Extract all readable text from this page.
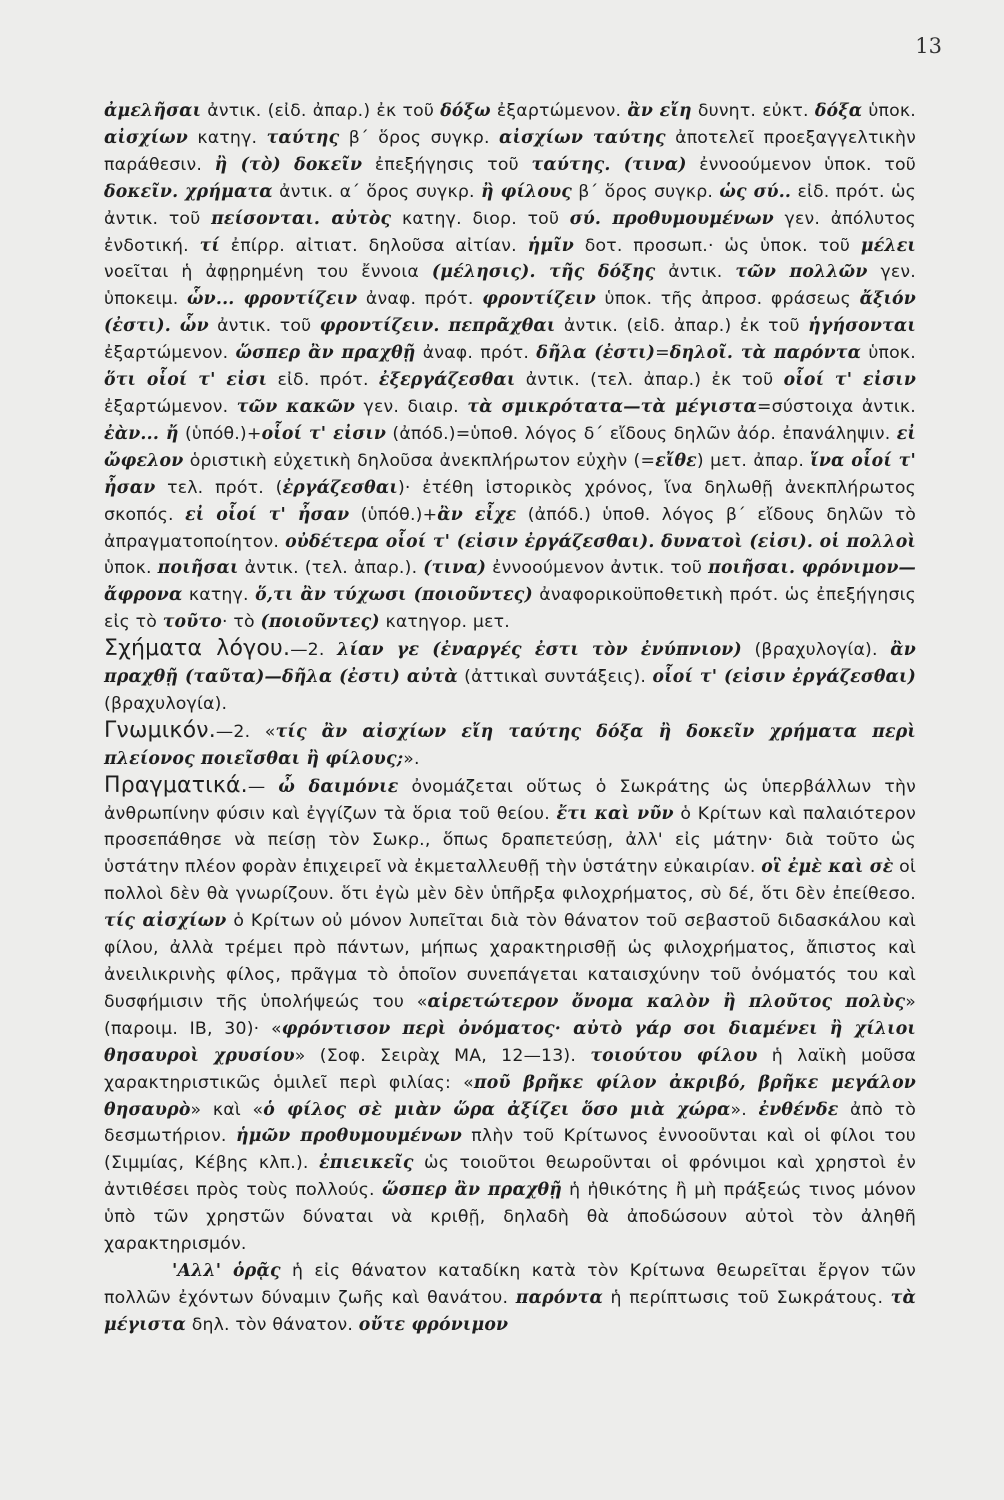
13

ἀμελῆσαι ἀντικ. (εἰδ. ἀπαρ.) ἐκ τοῦ δόξω ἐξαρτώμενον. ἂν εἴη δυνητ. εὐκτ. δόξα ὑποκ. αἰσχίων κατηγ. ταύτης β΄ ὅρος συγκρ. αἰσχίων ταύτης ἀποτελεῖ προεξαγγελτικὴν παράθεσιν. ἢ (τὸ) δοκεῖν ἐπεξήγησις τοῦ ταύτης. (τινα) ἐννοούμενον ὑποκ. τοῦ δοκεῖν. χρήματα ἀντικ. α΄ ὅρος συγκρ. ἢ φίλους β΄ ὅρος συγκρ. ὡς σύ.. εἰδ. πρότ. ὡς ἀντικ. τοῦ πείσονται. αὐτὸς κατηγ. διορ. τοῦ σύ. προθυμουμένων γεν. ἀπόλυτος ἐνδοτική. τί ἐπίρρ. αἰτιατ. δηλοῦσα αἰτίαν. ἡμῖν δοτ. προσωπ.· ὡς ὑποκ. τοῦ μέλει νοεῖται ἡ ἀφῃρημένη του ἔννοια (μέλησις). τῆς δόξης ἀντικ. τῶν πολλῶν γεν. ὑποκειμ. ὧν... φροντίζειν ἀναφ. πρότ. φροντίζειν ὑποκ. τῆς ἀπροσ. φράσεως ἄξιόν (ἐστι). ὧν ἀντικ. τοῦ φροντίζειν. πεπρᾶχθαι ἀντικ. (εἰδ. ἀπαρ.) ἐκ τοῦ ἡγήσονται ἐξαρτώμενον. ὥσπερ ἂν πραχθῇ ἀναφ. πρότ. δῆλα (ἐστι)=δηλοῖ. τὰ παρόντα ὑποκ. ὅτι οἷοί τ' εἰσι εἰδ. πρότ. ἐξεργάζεσθαι ἀντικ. (τελ. ἀπαρ.) ἐκ τοῦ οἷοί τ' εἰσιν ἐξαρτώμενον. τῶν κακῶν γεν. διαιρ. τὰ σμικρότατα—τὰ μέγιστα=σύστοιχα ἀντικ. ἐὰν... ἤ (ὑπόθ.)+οἷοί τ' εἰσιν (ἀπόδ.)=ὑποθ. λόγος δ΄ εἴδους δηλῶν ἀόρ. ἐπανάληψιν. εἰ ὤφελον ὁριστικὴ εὐχετικὴ δηλοῦσα ἀνεκπλήρωτον εὐχὴν (=εἴθε) μετ. ἀπαρ. ἵνα οἷοί τ' ἦσαν τελ. πρότ. (ἐργάζεσθαι)· ἐτέθη ἱστορικὸς χρόνος, ἵνα δηλωθῇ ἀνεκπλήρωτος σκοπός. εἰ οἷοί τ' ἦσαν (ὑπόθ.)+ἂν εἶχε (ἀπόδ.) ὑποθ. λόγος β΄ εἴδους δηλῶν τὸ ἀπραγματοποίητον. οὐδέτερα οἷοί τ' (εἰσιν ἐργάζεσθαι). δυνατοὶ (εἰσι). οἱ πολλοὶ ὑποκ. ποιῆσαι ἀντικ. (τελ. ἀπαρ.). (τινα) ἐννοούμενον ἀντικ. τοῦ ποιῆσαι. φρόνιμον—ἄφρονα κατηγ. ὅ,τι ἂν τύχωσι (ποιοῦντες) ἀναφορικοϋποθετικὴ πρότ. ὡς ἐπεξήγησις εἰς τὸ τοῦτο· τὸ (ποιοῦντες) κατηγορ. μετ.

Σχήματα λόγου.—2. λίαν γε (ἐναργές ἐστι τὸν ἐνύπνιον) (βραχυλογία). ἂν πραχθῇ (ταῦτα)—δῆλα (ἐστι) αὐτὰ (ἀττικαὶ συντάξεις). οἷοί τ' (εἰσιν ἐργάζεσθαι) (βραχυλογία).

Γνωμικόν.—2. «τίς ἂν αἰσχίων εἴη ταύτης δόξα ἢ δοκεῖν χρήματα περὶ πλείονος ποιεῖσθαι ἢ φίλους;».

Πραγματικά.— ὦ δαιμόνιε ὀνομάζεται οὕτως ὁ Σωκράτης ὡς ὑπερβάλλων τὴν ἀνθρωπίνην φύσιν καὶ ἐγγίζων τὰ ὅρια τοῦ θείου. ἔτι καὶ νῦν ὁ Κρίτων καὶ παλαιότερον προσεπάθησε νὰ πείσῃ τὸν Σωκρ., ὅπως δραπετεύσῃ, ἀλλ' εἰς μάτην· διὰ τοῦτο ὡς ὑστάτην πλέον φορὰν ἐπιχειρεῖ νὰ ἐκμεταλλευθῇ τὴν ὑστάτην εὐκαιρίαν. οἳ ἐμὲ καὶ σὲ οἱ πολλοὶ δὲν θὰ γνωρίζουν. ὅτι ἐγὼ μὲν δὲν ὑπῆρξα φιλοχρήματος, σὺ δέ, ὅτι δὲν ἐπείθεσο. τίς αἰσχίων ὁ Κρίτων οὐ μόνον λυπεῖται διὰ τὸν θάνατον τοῦ σεβαστοῦ διδασκάλου καὶ φίλου, ἀλλὰ τρέμει πρὸ πάντων, μήπως χαρακτηρισθῇ ὡς φιλοχρήματος, ἄπιστος καὶ ἀνειλικρινὴς φίλος, πρᾶγμα τὸ ὁποῖον συνεπάγεται καταισχύνην τοῦ ὀνόματός του καὶ δυσφήμισιν τῆς ὑπολήψεώς του «αἱρετώτερον ὄνομα καλὸν ἢ πλοῦτος πολὺς» (παροιμ. ΙΒ, 30)· «φρόντισον περὶ ὀνόματος· αὐτὸ γάρ σοι διαμένει ἢ χίλιοι θησαυροὶ χρυσίου» (Σοφ. Σειρὰχ ΜΑ, 12—13). τοιούτου φίλου ἡ λαϊκὴ μοῦσα χαρακτηριστικῶς ὁμιλεῖ περὶ φιλίας: «ποῦ βρῆκε φίλον ἀκριβό, βρῆκε μεγάλον θησαυρὸ» καὶ «ὁ φίλος σὲ μιὰν ὥρα ἀξίζει ὅσο μιὰ χώρα». ἐνθένδε ἀπὸ τὸ δεσμωτήριον. ἡμῶν προθυμουμένων πλὴν τοῦ Κρίτωνος ἐννοοῦνται καὶ οἱ φίλοι του (Σιμμίας, Κέβης κλπ.). ἐπιεικεῖς ὡς τοιοῦτοι θεωροῦνται οἱ φρόνιμοι καὶ χρηστοὶ ἐν ἀντιθέσει πρὸς τοὺς πολλούς. ὥσπερ ἂν πραχθῇ ἡ ἠθικότης ἢ μὴ πράξεώς τινος μόνον ὑπὸ τῶν χρηστῶν δύναται νὰ κριθῇ, δηλαδὴ θὰ ἀποδώσουν αὐτοὶ τὸν ἀληθῆ χαρακτηρισμόν.

'Αλλ' ὁρᾷς ἡ εἰς θάνατον καταδίκη κατὰ τὸν Κρίτωνα θεωρεῖται ἔργον τῶν πολλῶν ἐχόντων δύναμιν ζωῆς καὶ θανάτου. παρόντα ἡ περίπτωσις τοῦ Σωκράτους. τὰ μέγιστα δηλ. τὸν θάνατον. οὔτε φρόνιμον
